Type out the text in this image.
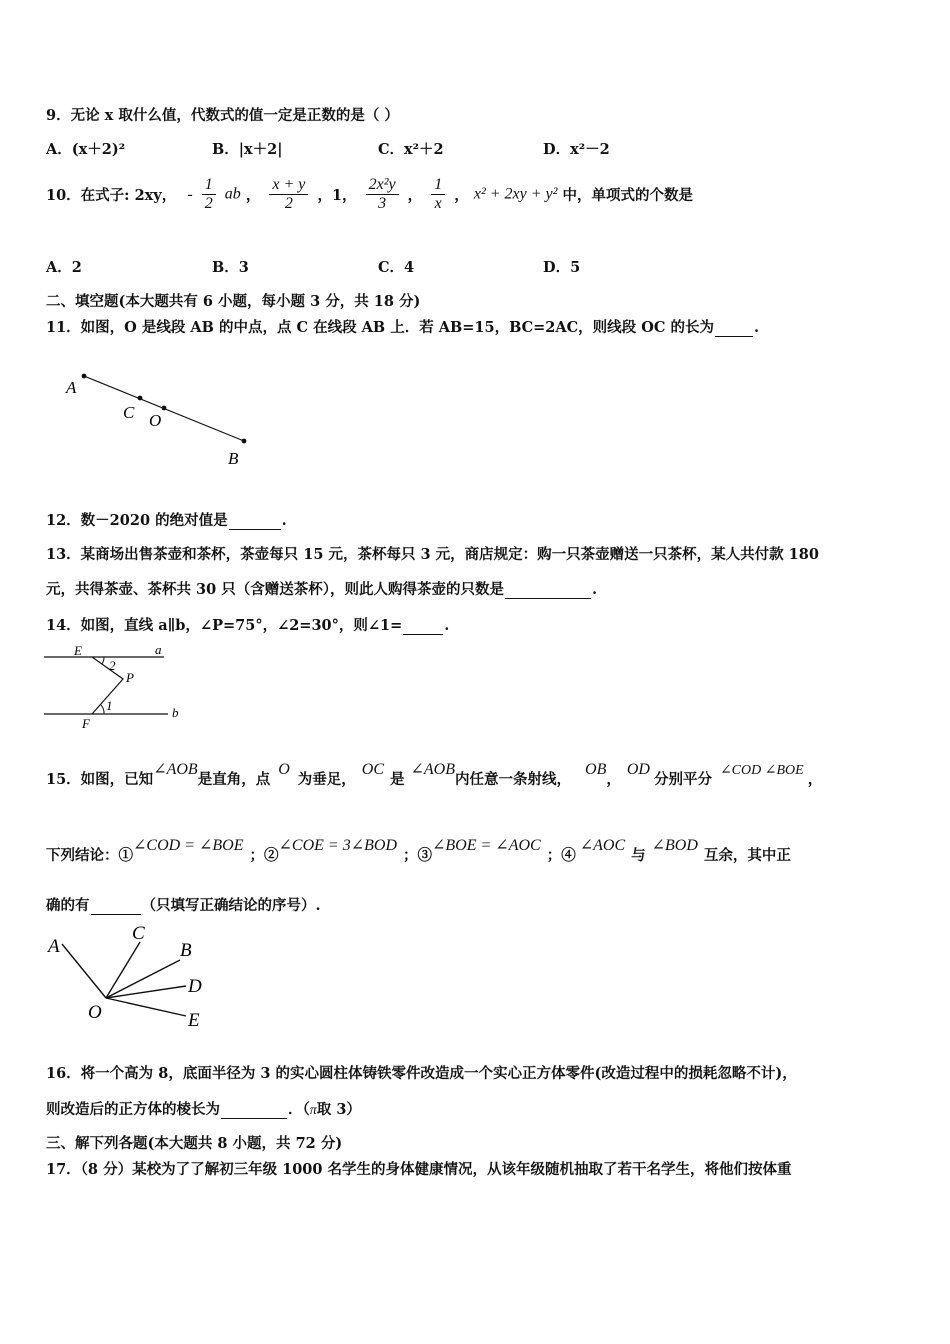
9．无论 x 取什么值，代数式的值一定是正数的是（ ）
A．(x＋2)²	B．|x＋2|	C．x²＋2	D．x²－2
10．在式子: 2xy， - $\frac{1}{2}$ ab ， $\frac{x + y}{2}$ ，1， $\frac{\text{2x²y}}{3}$ ， $\frac{1}{x}$ ， x² + 2xy + y² 中，单项式的个数是
A．2	B．3	C．4	D．5
二、填空题(本大题共有 6 小题，每小题 3 分，共 18 分)
11．如图，O 是线段 AB 的中点，点 C 在线段 AB 上．若 AB=15，BC=2AC，则线段 OC 的长为	.
A
C O
B
12．数－2020 的绝对值是	.
13．某商场出售茶壶和茶杯，茶壶每只 15 元，茶杯每只 3 元，商店规定：购一只茶壶赠送一只茶杯，某人共付款 180
元，共得茶壶、茶杯共 30 只（含赠送茶杯），则此人购得茶壶的只数是	.
14．如图，直线 a∥b，∠P=75°，∠2=30°，则∠1=	.
E	a
2
P
1
F
b
15．如图，已知∠AOB是直角，点O为垂足，OC是∠AOB内任意一条射线，OB，OD分别平分∠COD ∠BOE，
下列结论：①∠COD = ∠BOE；②∠COE = 3∠BOD；③∠BOE = ∠AOC；④∠AOC与∠BOD互余，其中正
确的有	（只填写正确结论的序号）.
A
C
B
D
O	E
16．将一个高为 8，底面半径为 3 的实心圆柱体铸铁零件改造成一个实心正方体零件(改造过程中的损耗忽略不计)，
则改造后的正方体的棱长为	．（π取 3）
三、解下列各题(本大题共 8 小题，共 72 分)
17．（8 分）某校为了了解初三年级 1000 名学生的身体健康情况，从该年级随机抽取了若干名学生，将他们按体重
